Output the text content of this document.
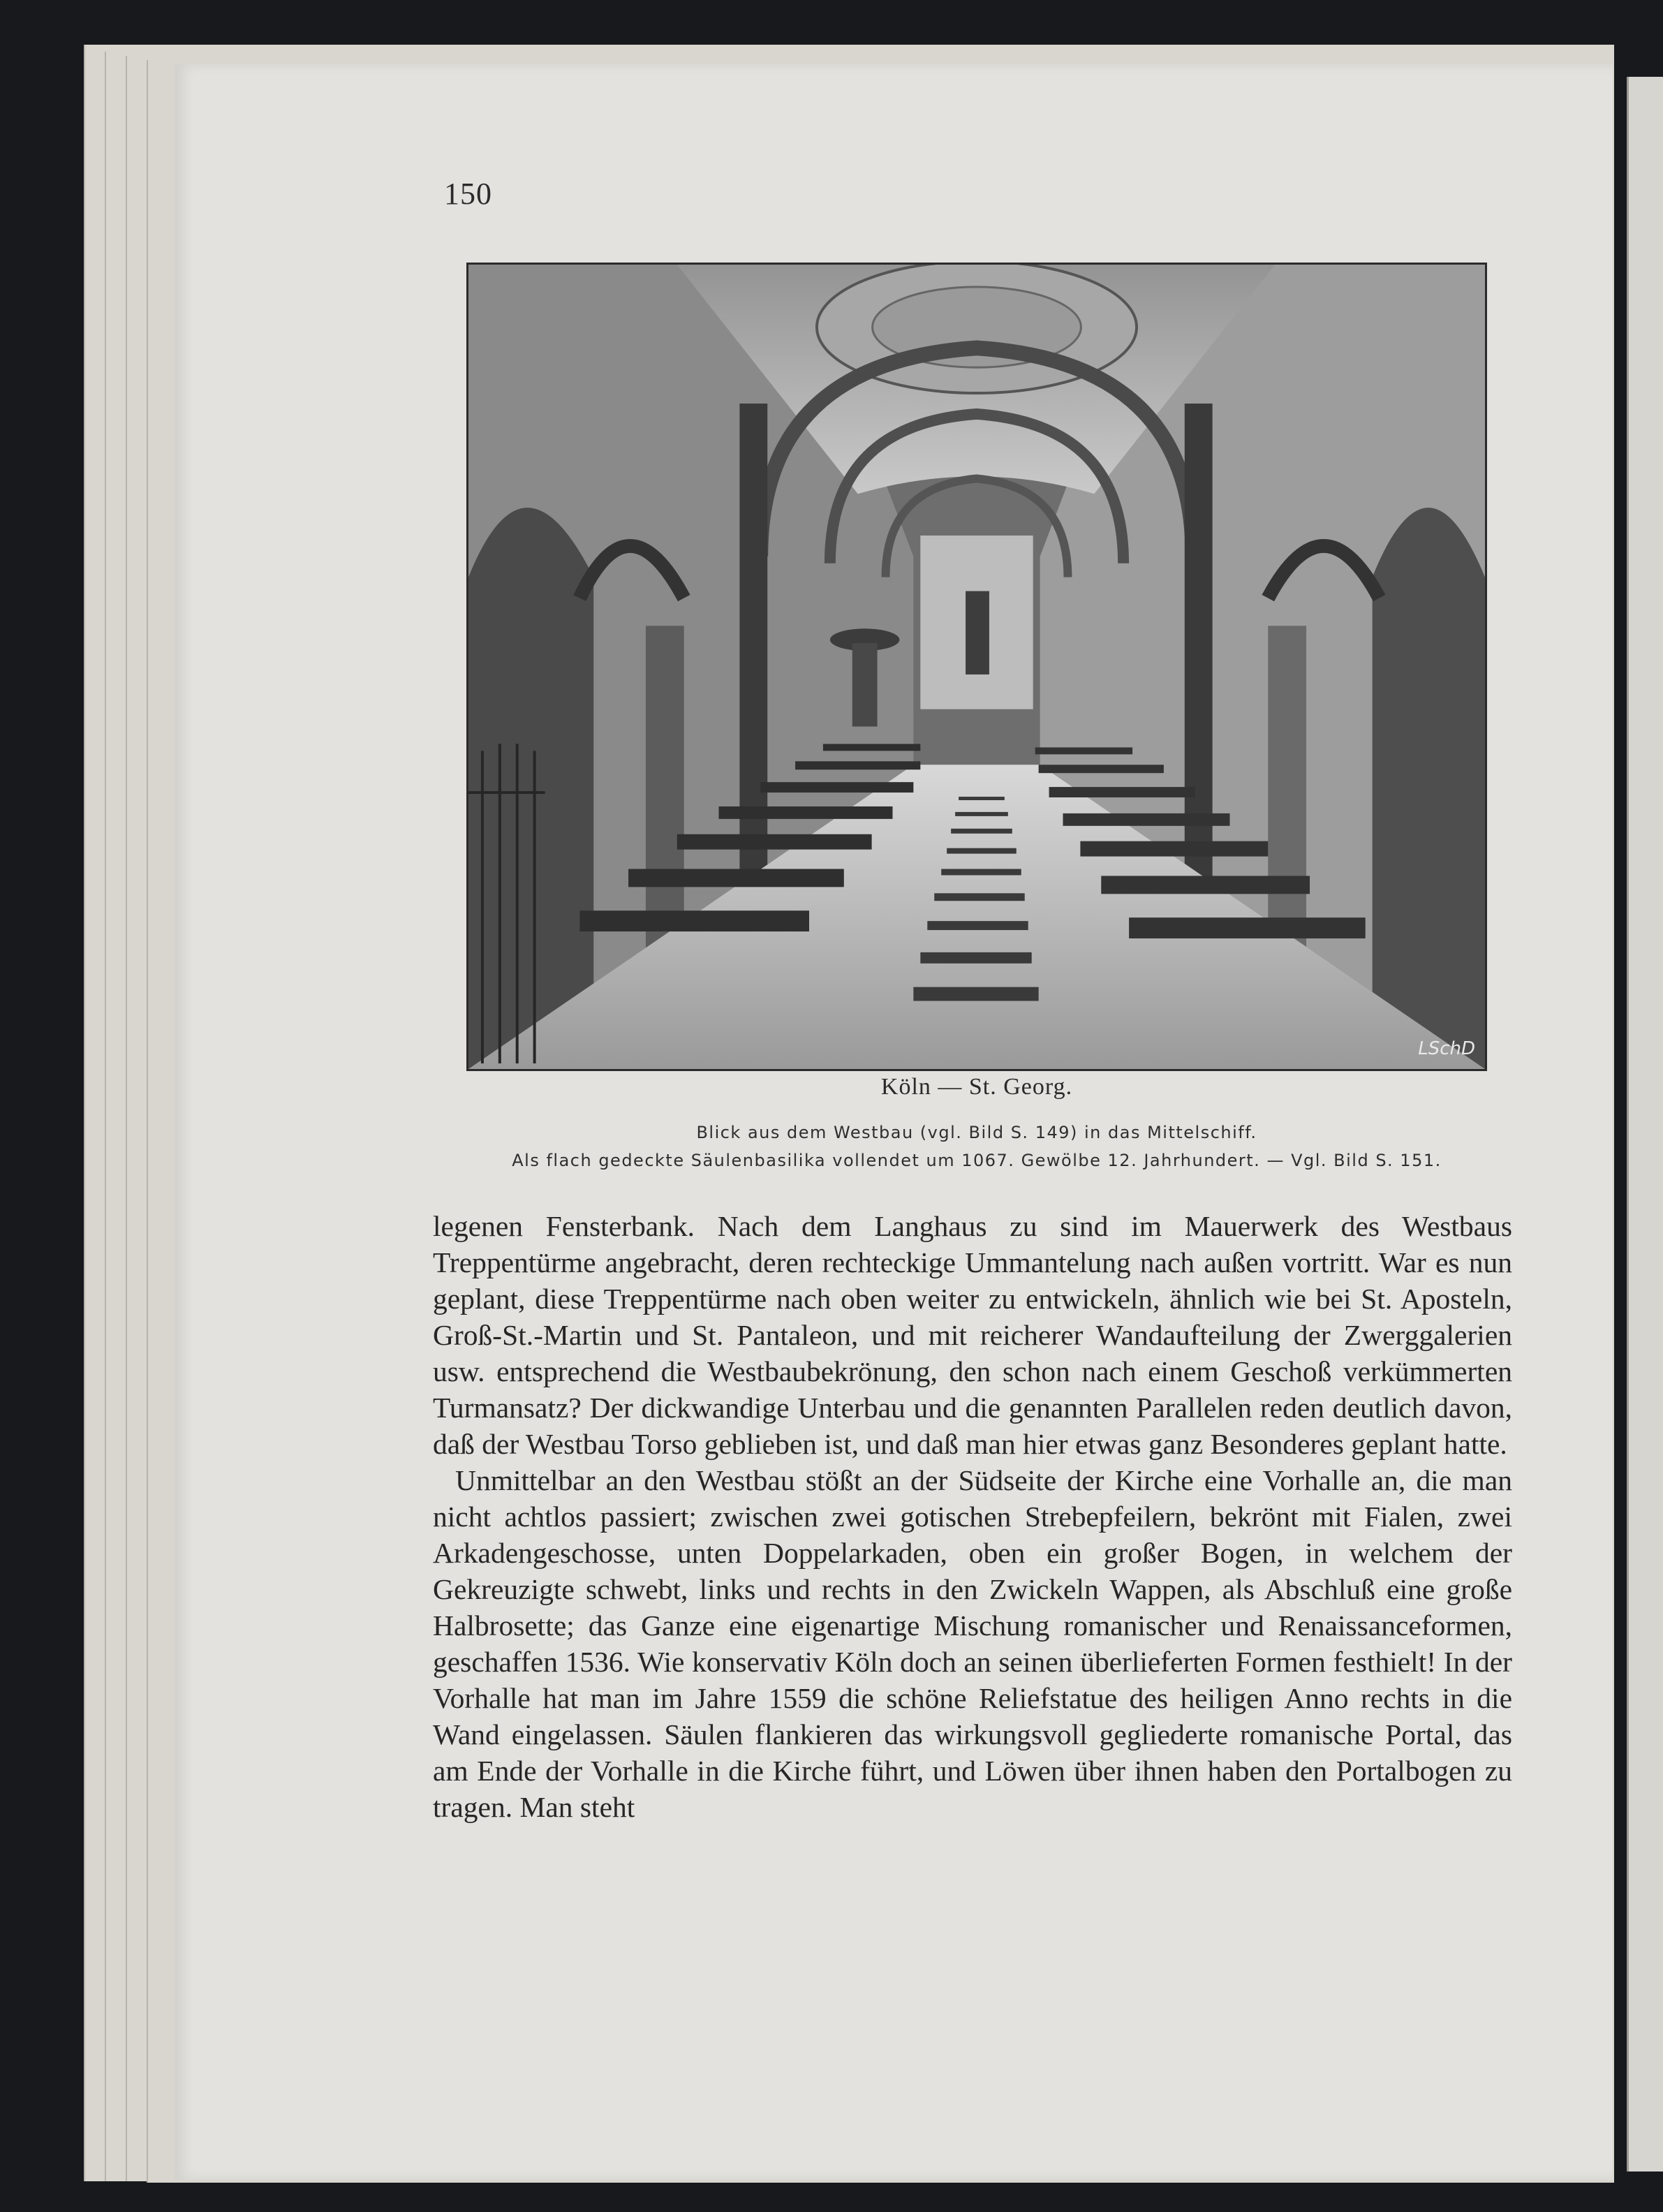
150
LSchD
Köln — St. Georg.
Blick aus dem Westbau (vgl. Bild S. 149) in das Mittelschiff.
Als flach gedeckte Säulenbasilika vollendet um 1067. Gewölbe 12. Jahrhundert. — Vgl. Bild S. 151.

legenen Fensterbank. Nach dem Langhaus zu sind im Mauerwerk des Westbaus Treppentürme angebracht, deren rechteckige Ummantelung nach außen vortritt. War es nun geplant, diese Treppentürme nach oben weiter zu entwickeln, ähnlich wie bei St. Aposteln, Groß-St.-Martin und St. Pantaleon, und mit reicherer Wandaufteilung der Zwerggalerien usw. entsprechend die Westbaubekrönung, den schon nach einem Geschoß verkümmerten Turmansatz? Der dickwandige Unterbau und die genannten Parallelen reden deutlich davon, daß der Westbau Torso geblieben ist, und daß man hier etwas ganz Besonderes geplant hatte.

Unmittelbar an den Westbau stößt an der Südseite der Kirche eine Vorhalle an, die man nicht achtlos passiert; zwischen zwei gotischen Strebepfeilern, bekrönt mit Fialen, zwei Arkadengeschosse, unten Doppelarkaden, oben ein großer Bogen, in welchem der Gekreuzigte schwebt, links und rechts in den Zwickeln Wappen, als Abschluß eine große Halbrosette; das Ganze eine eigenartige Mischung romanischer und Renaissanceformen, geschaffen 1536. Wie konservativ Köln doch an seinen überlieferten Formen festhielt! In der Vorhalle hat man im Jahre 1559 die schöne Reliefstatue des heiligen Anno rechts in die Wand eingelassen. Säulen flankieren das wirkungsvoll gegliederte romanische Portal, das am Ende der Vorhalle in die Kirche führt, und Löwen über ihnen haben den Portalbogen zu tragen. Man steht
